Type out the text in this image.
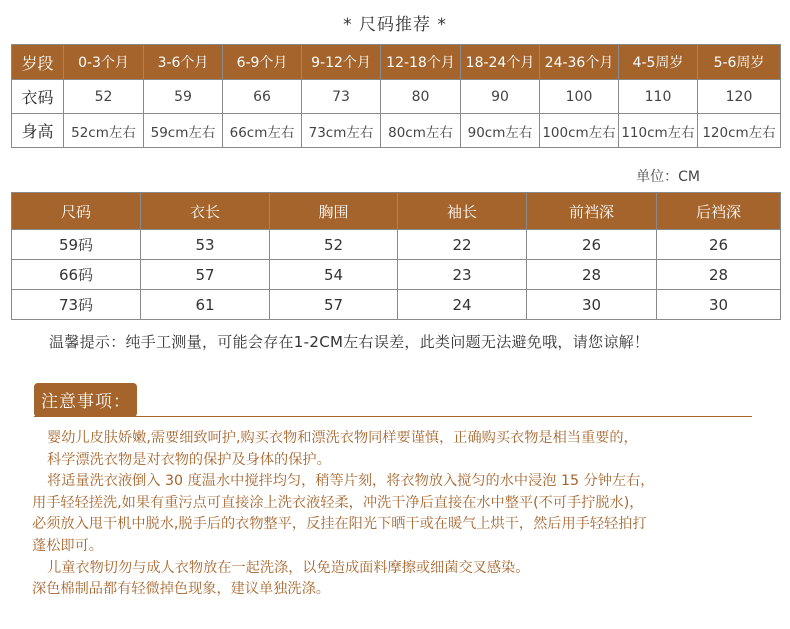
* 尺码推荐 *
岁段	0-3个月	3-6个月	6-9个月	9-12个月	12-18个月	18-24个月	24-36个月	4-5周岁	5-6周岁
衣码	52	59	66	73	80	90	100	110	120
身高	52cm左右	59cm左右	66cm左右	73cm左右	80cm左右	90cm左右	100cm左右	110cm左右	120cm左右
单位：CM
尺码	衣长	胸围	袖长	前裆深	后裆深
59码	53	52	22	26	26
66码	57	54	23	28	28
73码	61	57	24	30	30
温馨提示：纯手工测量，可能会存在1-2CM左右误差，此类问题无法避免哦，请您谅解！
注意事项：
婴幼儿皮肤娇嫩,需要细致呵护,购买衣物和漂洗衣物同样要谨慎，正确购买衣物是相当重要的，
科学漂洗衣物是对衣物的保护及身体的保护。
将适量洗衣液倒入 30 度温水中搅拌均匀，稍等片刻，将衣物放入搅匀的水中浸泡 15 分钟左右，
用手轻轻搓洗,如果有重污点可直接涂上洗衣液轻柔，冲洗干净后直接在水中整平(不可手拧脱水)，
必须放入甩干机中脱水,脱手后的衣物整平，反挂在阳光下晒干或在暖气上烘干，然后用手轻轻拍打
蓬松即可。
儿童衣物切勿与成人衣物放在一起洗涤，以免造成面料摩擦或细菌交叉感染。
深色棉制品都有轻微掉色现象，建议单独洗涤。
